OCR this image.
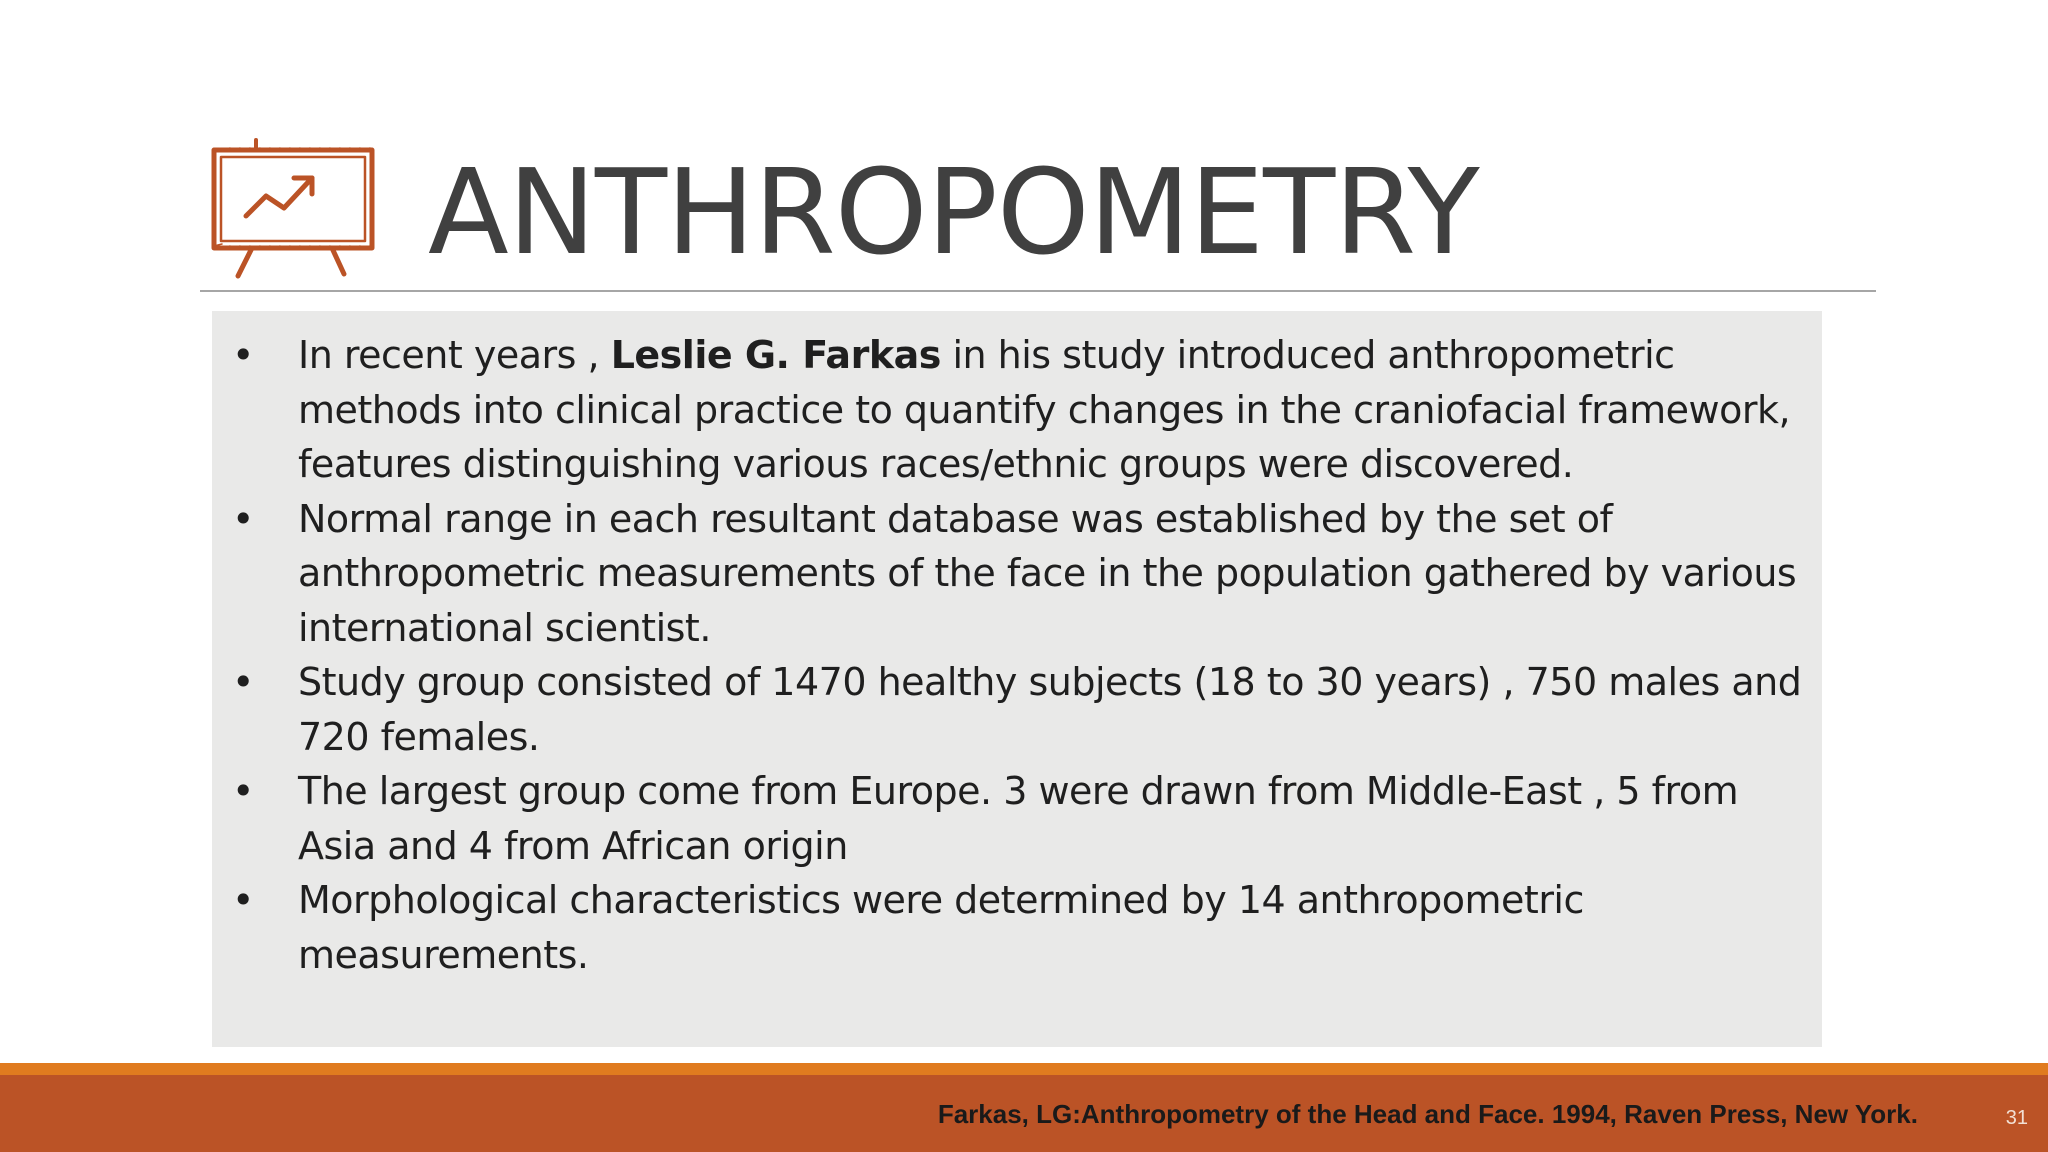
ANTHROPOMETRY
• In recent years , Leslie G. Farkas in his study introduced anthropometric methods into clinical practice to quantify changes in the craniofacial framework, features distinguishing various races/ethnic groups were discovered.
• Normal range in each resultant database was established by the set of anthropometric measurements of the face in the population gathered by various international scientist.
• Study group consisted of 1470 healthy subjects (18 to 30 years) , 750 males and 720 females.
• The largest group come from Europe. 3 were drawn from Middle-East , 5 from Asia and 4 from African origin
• Morphological characteristics were determined by 14 anthropometric measurements.
Farkas, LG:Anthropometry of the Head and Face. 1994, Raven Press, New York.	31
